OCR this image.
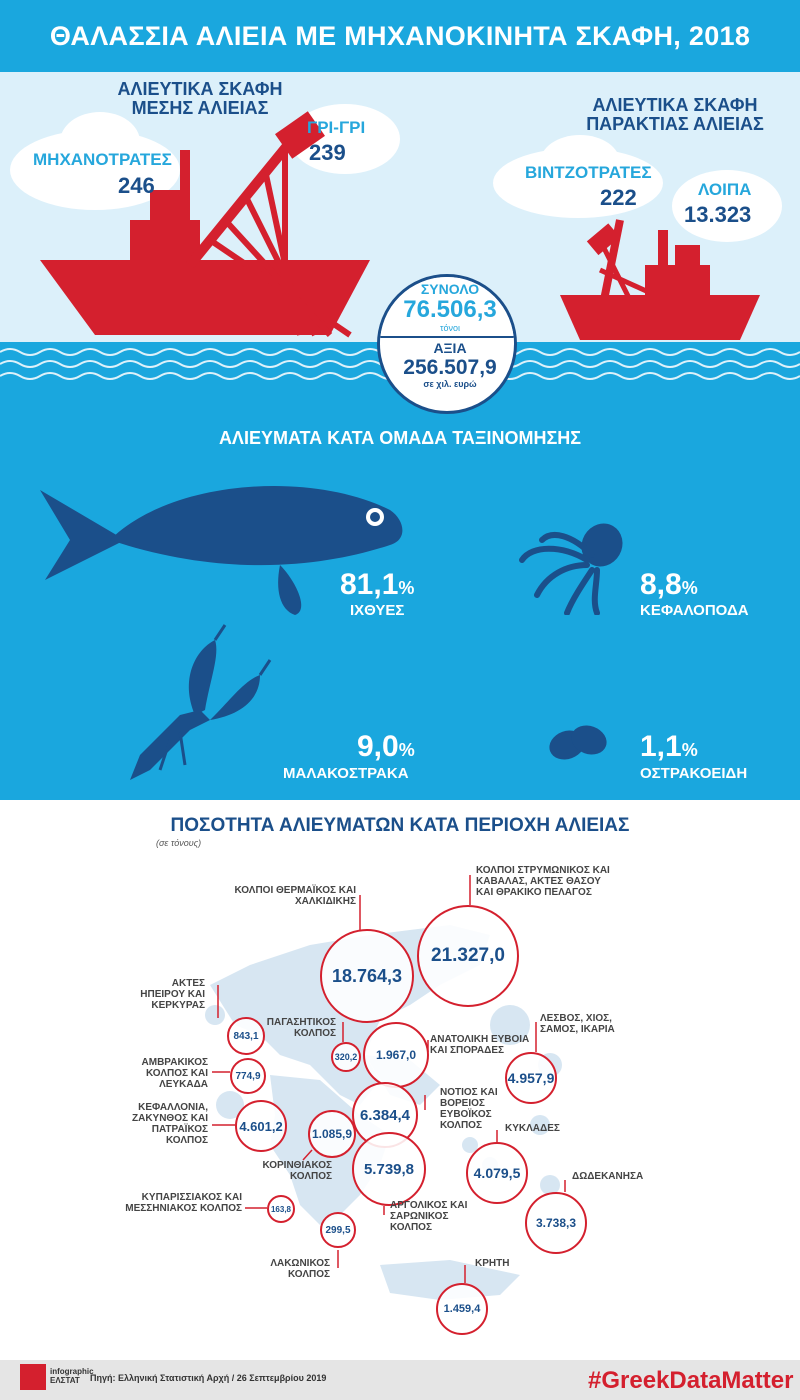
ΘΑΛΑΣΣΙΑ ΑΛΙΕΙΑ ΜΕ ΜΗΧΑΝΟΚΙΝΗΤΑ ΣΚΑΦΗ, 2018
ΑΛΙΕΥΤΙΚΑ ΣΚΑΦΗ ΜΕΣΗΣ ΑΛΙΕΙΑΣ	ΑΛΙΕΥΤΙΚΑ ΣΚΑΦΗ ΠΑΡΑΚΤΙΑΣ ΑΛΙΕΙΑΣ
ΜΗΧΑΝΟΤΡΑΤΕΣ
246
ΓΡΙ-ΓΡΙ
239
ΒΙΝΤΖΟΤΡΑΤΕΣ
222	ΛΟΙΠΑ
13.323
ΣΥΝΟΛΟ
76.506,3
τόνοι
ΑΞΙΑ
256.507,9
σε χιλ. ευρώ
ΑΛΙΕΥΜΑΤΑ ΚΑΤΑ ΟΜΑΔΑ ΤΑΞΙΝΟΜΗΣΗΣ
81,1%
ΙΧΘΥΕΣ
8,8%
ΚΕΦΑΛΟΠΟΔΑ
9,0%
ΜΑΛΑΚΟΣΤΡΑΚΑ
1,1%
ΟΣΤΡΑΚΟΕΙΔΗ
ΠΟΣΟΤΗΤΑ ΑΛΙΕΥΜΑΤΩΝ ΚΑΤΑ ΠΕΡΙΟΧΗ ΑΛΙΕΙΑΣ
(σε τόνους)
21.327,0
18.764,3
843,1
320,2 1.967,0
4.957,9
774,9
6.384,4
4.601,2
1.085,9
4.079,5
5.739,8
3.738,3
163,8
299,5
1.459,4
ΚΟΛΠΟΙ ΣΤΡΥΜΩΝΙΚΟΣ ΚΑΙ ΚΑΒΑΛΑΣ, ΑΚΤΕΣ ΘΑΣΟΥ ΚΑΙ ΘΡΑΚΙΚΟ ΠΕΛΑΓΟΣ
ΚΟΛΠΟΙ ΘΕΡΜΑΪΚΟΣ ΚΑΙ ΧΑΛΚΙΔΙΚΗΣ
ΑΚΤΕΣ ΗΠΕΙΡΟΥ ΚΑΙ ΚΕΡΚΥΡΑΣ
ΠΑΓΑΣΗΤΙΚΟΣ ΚΟΛΠΟΣ
ΑΝΑΤΟΛΙΚΗ ΕΥΒΟΙΑ ΚΑΙ ΣΠΟΡΑΔΕΣ
ΛΕΣΒΟΣ, ΧΙΟΣ, ΣΑΜΟΣ, ΙΚΑΡΙΑ
ΑΜΒΡΑΚΙΚΟΣ ΚΟΛΠΟΣ ΚΑΙ ΛΕΥΚΑΔΑ
ΝΟΤΙΟΣ ΚΑΙ ΒΟΡΕΙΟΣ ΕΥΒΟΪΚΟΣ ΚΟΛΠΟΣ
ΚΕΦΑΛΛΟΝΙΑ, ΖΑΚΥΝΘΟΣ ΚΑΙ ΠΑΤΡΑΪΚΟΣ ΚΟΛΠΟΣ
ΚΟΡΙΝΘΙΑΚΟΣ ΚΟΛΠΟΣ
ΚΥΚΛΑΔΕΣ
ΑΡΓΟΛΙΚΟΣ ΚΑΙ ΣΑΡΩΝΙΚΟΣ ΚΟΛΠΟΣ
ΔΩΔΕΚΑΝΗΣΑ
ΚΥΠΑΡΙΣΣΙΑΚΟΣ ΚΑΙ ΜΕΣΣΗΝΙΑΚΟΣ ΚΟΛΠΟΣ
ΛΑΚΩΝΙΚΟΣ ΚΟΛΠΟΣ
ΚΡΗΤΗ
infographic
ΕΛΣΤΑΤ	Πηγή: Ελληνική Στατιστική Αρχή / 26 Σεπτεμβρίου 2019	#GreekDataMatter
